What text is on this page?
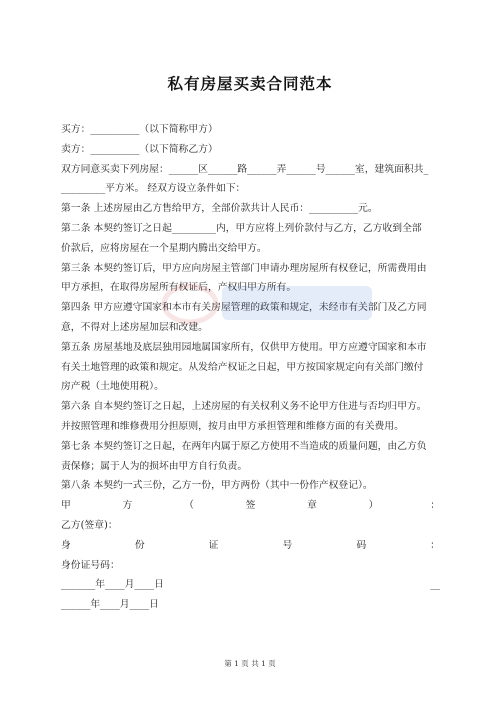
私有房屋买卖合同范本
买方：__________（以下简称甲方）
卖方：__________（以下简称乙方）
双方同意买卖下列房屋：______区______路______弄______号______室，建筑面积共_
_________平方米。 经双方设立条件如下：
第一条 上述房屋由乙方售给甲方，全部价款共计人民币：__________元。
第二条 本契约签订之日起_________内，甲方应将上列价款付与乙方，乙方收到全部
价款后，应将房屋在一个星期内腾出交给甲方。
第三条 本契约签订后，甲方应向房屋主管部门申请办理房屋所有权登记，所需费用由
甲方承担，在取得房屋所有权证后，产权归甲方所有。
第四条 甲方应遵守国家和本市有关房屋管理的政策和规定，未经市有关部门及乙方同
意，不得对上述房屋加层和改建。
第五条 房屋基地及底层独用园地属国家所有，仅供甲方使用。甲方应遵守国家和本市
有关土地管理的政策和规定。从发给产权证之日起，甲方按国家规定向有关部门缴付
房产税（土地使用税）。
第六条 自本契约签订之日起，上述房屋的有关权利义务不论甲方住进与否均归甲方。
并按照管理和维修费用分担原则，按月由甲方承担管理和维修方面的有关费用。
第七条 本契约签订之日起，在两年内属于原乙方使用不当造成的质量问题，由乙方负
责保修；属于人为的损坏由甲方自行负责。
第八条 本契约一式三份，乙方一份，甲方两份（其中一份作产权登记）。
甲	方	（	签	章	）	：
乙方(签章)：
身	份	证	号	码	：
身份证号码：
_______年____月____日	__
______年____月____日
第 1 页 共 1 页
